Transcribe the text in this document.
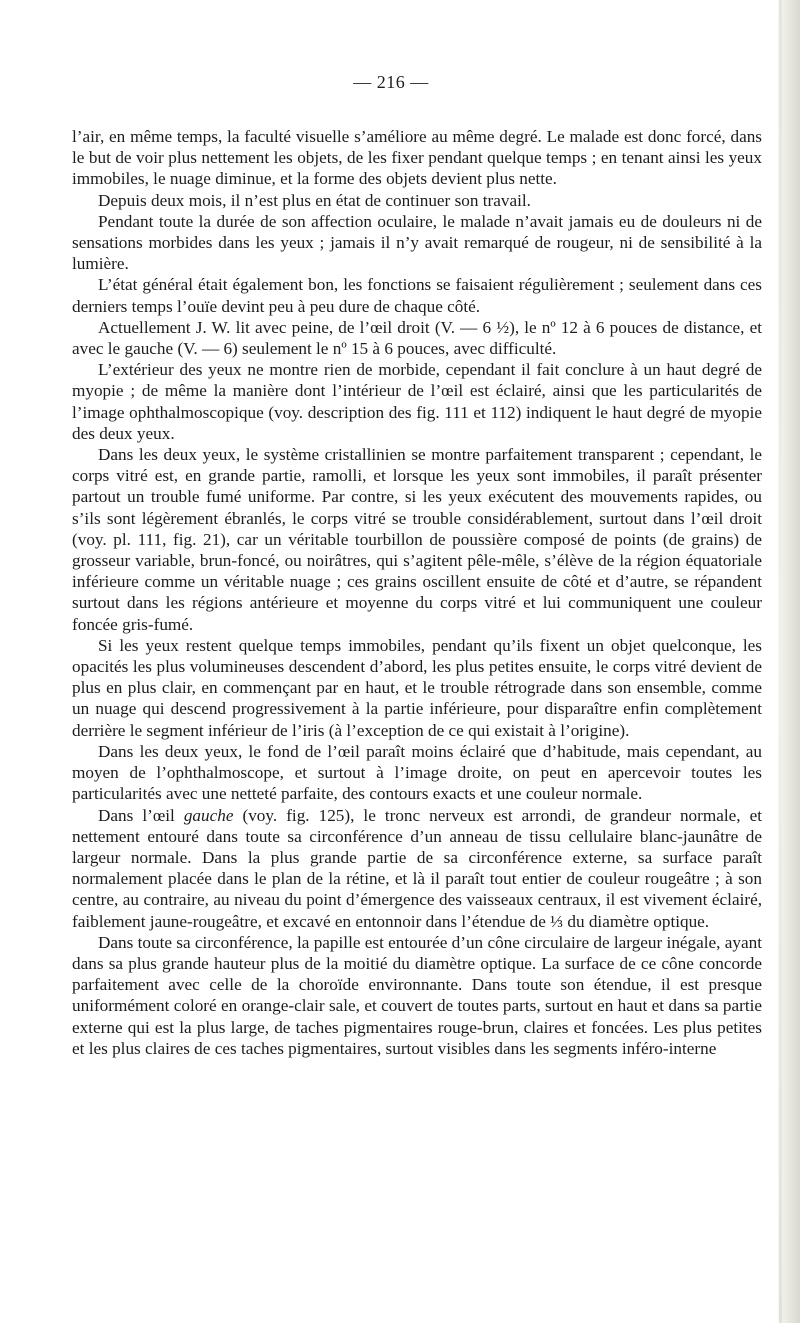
— 216 —

l’air, en même temps, la faculté visuelle s’améliore au même degré. Le malade est donc forcé, dans le but de voir plus nettement les objets, de les fixer pendant quelque temps ; en tenant ainsi les yeux immobiles, le nuage diminue, et la forme des objets devient plus nette.

Depuis deux mois, il n’est plus en état de continuer son travail.

Pendant toute la durée de son affection oculaire, le malade n’avait jamais eu de douleurs ni de sensations morbides dans les yeux ; jamais il n’y avait remarqué de rougeur, ni de sensibilité à la lumière.

L’état général était également bon, les fonctions se faisaient régulièrement ; seulement dans ces derniers temps l’ouïe devint peu à peu dure de chaque côté.

Actuellement J. W. lit avec peine, de l’œil droit (V. — 6 ½), le nº 12 à 6 pouces de distance, et avec le gauche (V. — 6) seulement le nº 15 à 6 pouces, avec difficulté.

L’extérieur des yeux ne montre rien de morbide, cependant il fait conclure à un haut degré de myopie ; de même la manière dont l’intérieur de l’œil est éclairé, ainsi que les particularités de l’image ophthalmoscopique (voy. description des fig. 111 et 112) indiquent le haut degré de myopie des deux yeux.

Dans les deux yeux, le système cristallinien se montre parfaitement transparent ; cependant, le corps vitré est, en grande partie, ramolli, et lorsque les yeux sont immobiles, il paraît présenter partout un trouble fumé uniforme. Par contre, si les yeux exécutent des mouvements rapides, ou s’ils sont légèrement ébranlés, le corps vitré se trouble considérablement, surtout dans l’œil droit (voy. pl. 111, fig. 21), car un véritable tourbillon de poussière composé de points (de grains) de grosseur variable, brun-foncé, ou noirâtres, qui s’agitent pêle-mêle, s’élève de la région équatoriale inférieure comme un véritable nuage ; ces grains oscillent ensuite de côté et d’autre, se répandent surtout dans les régions antérieure et moyenne du corps vitré et lui communiquent une couleur foncée gris-fumé.

Si les yeux restent quelque temps immobiles, pendant qu’ils fixent un objet quelconque, les opacités les plus volumineuses descendent d’abord, les plus petites ensuite, le corps vitré devient de plus en plus clair, en commençant par en haut, et le trouble rétrograde dans son ensemble, comme un nuage qui descend progressivement à la partie inférieure, pour disparaître enfin complètement derrière le segment inférieur de l’iris (à l’exception de ce qui existait à l’origine).

Dans les deux yeux, le fond de l’œil paraît moins éclairé que d’habitude, mais cependant, au moyen de l’ophthalmoscope, et surtout à l’image droite, on peut en apercevoir toutes les particularités avec une netteté parfaite, des contours exacts et une couleur normale.

Dans l’œil gauche (voy. fig. 125), le tronc nerveux est arrondi, de grandeur normale, et nettement entouré dans toute sa circonférence d’un anneau de tissu cellulaire blanc-jaunâtre de largeur normale. Dans la plus grande partie de sa circonférence externe, sa surface paraît normalement placée dans le plan de la rétine, et là il paraît tout entier de couleur rougeâtre ; à son centre, au contraire, au niveau du point d’émergence des vaisseaux centraux, il est vivement éclairé, faiblement jaune-rougeâtre, et excavé en entonnoir dans l’étendue de ⅓ du diamètre optique.

Dans toute sa circonférence, la papille est entourée d’un cône circulaire de largeur inégale, ayant dans sa plus grande hauteur plus de la moitié du diamètre optique. La surface de ce cône concorde parfaitement avec celle de la choroïde environnante. Dans toute son étendue, il est presque uniformément coloré en orange-clair sale, et couvert de toutes parts, surtout en haut et dans sa partie externe qui est la plus large, de taches pigmentaires rouge-brun, claires et foncées. Les plus petites et les plus claires de ces taches pigmentaires, surtout visibles dans les segments inféro-interne
